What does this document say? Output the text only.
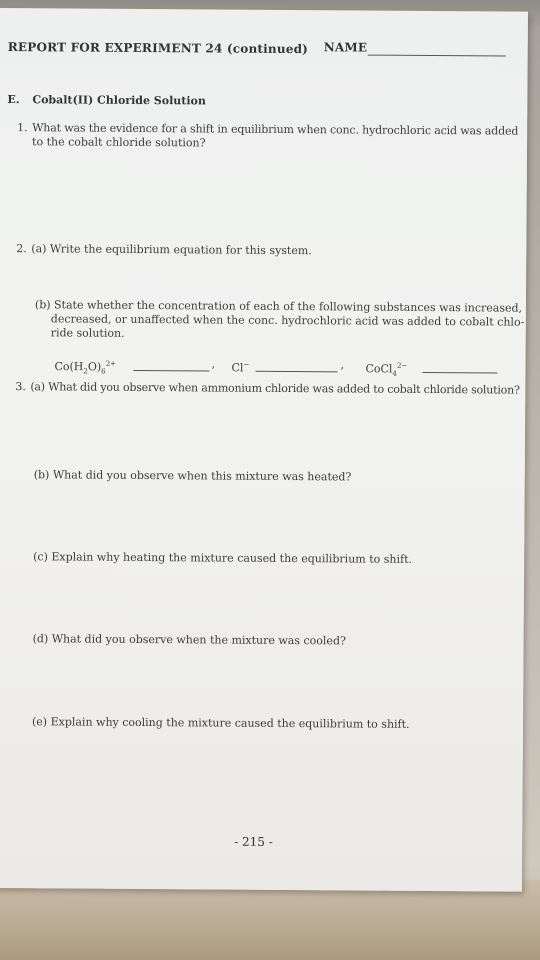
REPORT FOR EXPERIMENT 24 (continued) NAME
E. Cobalt(II) Chloride Solution
1. What was the evidence for a shift in equilibrium when conc. hydrochloric acid was added
to the cobalt chloride solution?
2. (a) Write the equilibrium equation for this system.
(b) State whether the concentration of each of the following substances was increased,
decreased, or unaffected when the conc. hydrochloric acid was added to cobalt chlo-
ride solution.
$Co(H_2O)_6^{2+}$	, Cl−	, CoCl$_4^{2-}$
3. (a) What did you observe when ammonium chloride was added to cobalt chloride solution?
(b) What did you observe when this mixture was heated?
(c) Explain why heating the mixture caused the equilibrium to shift.
(d) What did you observe when the mixture was cooled?
(e) Explain why cooling the mixture caused the equilibrium to shift.
- 215 -
